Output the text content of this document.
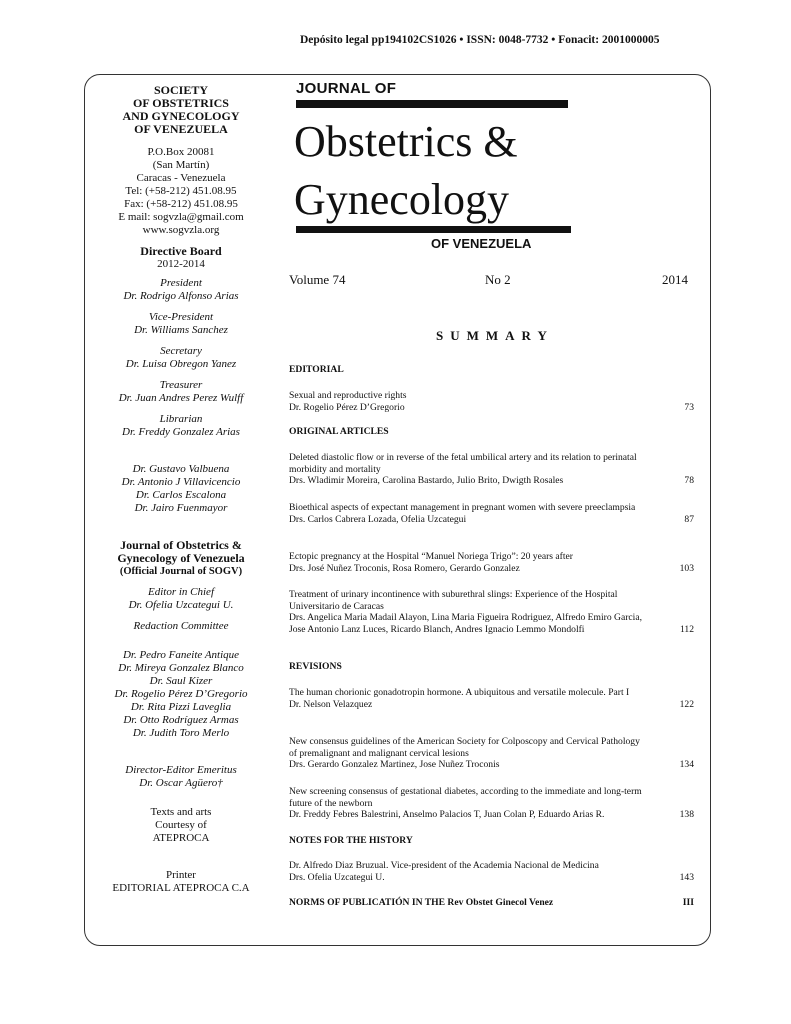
Depósito legal pp194102CS1026 • ISSN: 0048-7732 • Fonacit: 2001000005
SOCIETY
OF OBSTETRICS
AND GYNECOLOGY
OF VENEZUELA
P.O.Box 20081
(San Martín)
Caracas - Venezuela
Tel: (+58-212) 451.08.95
Fax: (+58-212) 451.08.95
E mail: sogvzla@gmail.com
www.sogvzla.org
Directive Board
2012-2014
President
Dr. Rodrigo Alfonso Arias
Vice-President
Dr. Williams Sanchez
Secretary
Dr. Luisa Obregon Yanez
Treasurer
Dr. Juan Andres Perez Wulff
Librarian
Dr. Freddy Gonzalez Arias
Dr. Gustavo Valbuena
Dr. Antonio J Villavicencio
Dr. Carlos Escalona
Dr. Jairo Fuenmayor
Journal of Obstetrics &
Gynecology of Venezuela
(Official Journal of SOGV)
Editor in Chief
Dr. Ofelia Uzcategui U.
Redaction Committee
Dr. Pedro Faneite Antique
Dr. Mireya Gonzalez Blanco
Dr. Saul Kizer
Dr. Rogelio Pérez D’Gregorio
Dr. Rita Pizzi Laveglia
Dr. Otto Rodríguez Armas
Dr. Judith Toro Merlo
Director-Editor Emeritus
Dr. Oscar Agüero†
Texts and arts
Courtesy of
ATEPROCA
Printer
EDITORIAL ATEPROCA C.A
JOURNAL OF
Obstetrics &
Gynecology
OF VENEZUELA
Volume 74	No 2	2014
SUMMARY
EDITORIAL
Sexual and reproductive rights
Dr. Rogelio Pérez D’Gregorio	73
ORIGINAL ARTICLES
Deleted diastolic flow or in reverse of the fetal umbilical artery and its relation to perinatal morbidity and mortality
Drs. Wladimir Moreira, Carolina Bastardo, Julio Brito, Dwigth Rosales	78
Bioethical aspects of expectant management in pregnant women with severe preeclampsia
Drs. Carlos Cabrera Lozada, Ofelia Uzcategui	87
Ectopic pregnancy at the Hospital “Manuel Noriega Trigo”: 20 years after
Drs. José Nuñez Troconis, Rosa Romero, Gerardo Gonzalez	103
Treatment of urinary incontinence with suburethral slings: Experience of the Hospital Universitario de Caracas
Drs. Angelica Maria Madail Alayon, Lina Maria Figueira Rodriguez, Alfredo Emiro Garcia, Jose Antonio Lanz Luces, Ricardo Blanch, Andres Ignacio Lemmo Mondolfi	112
REVISIONS
The human chorionic gonadotropin hormone. A ubiquitous and versatile molecule. Part I
Dr. Nelson Velazquez	122
New consensus guidelines of the American Society for Colposcopy and Cervical Pathology of premalignant and malignant cervical lesions
Drs. Gerardo Gonzalez Martinez, Jose Nuñez Troconis	134
New screening consensus of gestational diabetes, according to the immediate and long-term future of the newborn
Dr. Freddy Febres Balestrini, Anselmo Palacios T, Juan Colan P, Eduardo Arias R.	138
NOTES FOR THE HISTORY
Dr. Alfredo Diaz Bruzual. Vice-president of the Academia Nacional de Medicina
Drs. Ofelia Uzcategui U.	143
NORMS OF PUBLICATIÓN IN THE Rev Obstet Ginecol Venez	III
